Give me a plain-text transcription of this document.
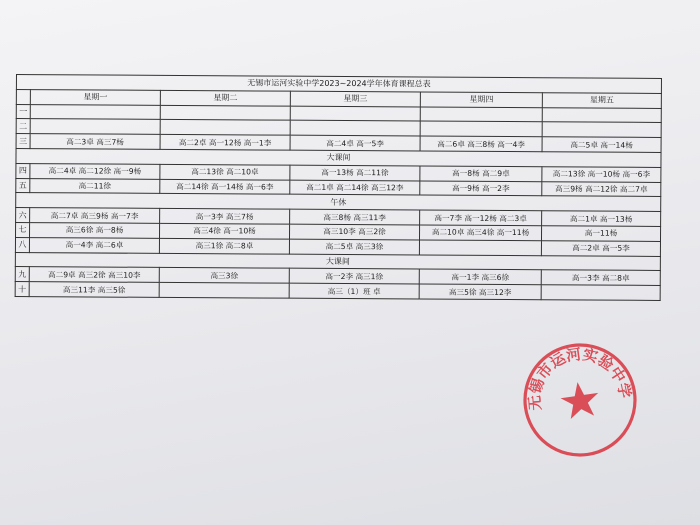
无锡市运河实验中学2023~2024学年体育课程总表					
	星期一	星期二	星期三	星期四	星期五
一					
二					
三	高二3卓 高三7杨	高二2卓 高一12杨 高一1李	高二4卓 高一5李	高二6卓 高三8杨 高一4李	高二5卓 高一14杨
大课间					
四	高二4卓 高二12徐 高一9杨	高二13徐 高二10卓	高一13杨 高二11徐	高一8杨 高二9卓	高二13徐 高一10杨 高一6李
五	高二11徐	高二14徐 高一14杨 高一6李	高二1卓 高二14徐 高三12李	高一9杨 高一2李	高三9杨 高二12徐 高二7卓
午休					
六	高二7卓 高三9杨 高一7李	高一3李 高三7杨	高三8杨 高三11李	高一7李 高一12杨 高二3卓	高二1卓 高一13杨
七	高三6徐 高一8杨	高三4徐 高一10杨	高三10李 高三2徐	高二10卓 高三4徐 高一11杨	高一11杨
八	高一4李 高二6卓	高三1徐 高二8卓	高二5卓 高三3徐		高二2卓 高一5李
大课间					
九	高二9卓 高三2徐 高三10李	高三3徐	高一2李 高三1徐	高一1李 高三6徐	高一3李 高二8卓
十	高三11李 高三5徐		高三（1）班 卓	高三5徐 高三12李	
无锡市运河实验中学
